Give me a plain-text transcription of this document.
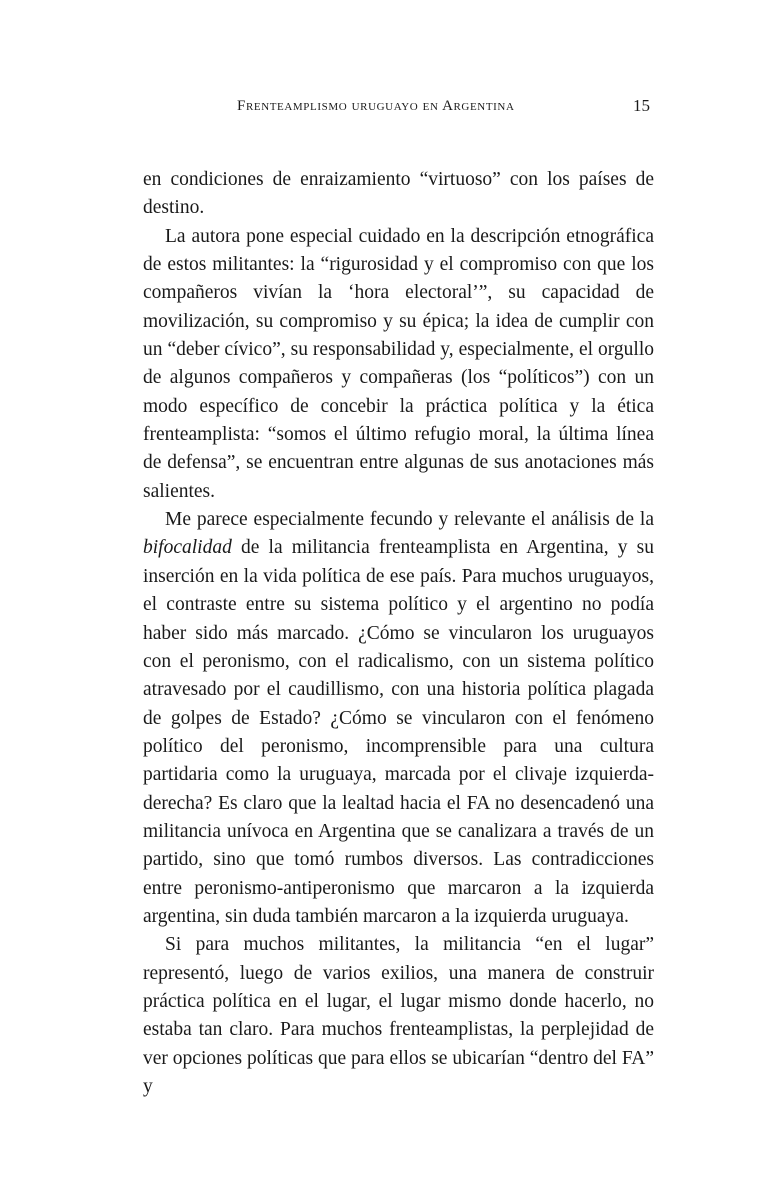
Frenteamplismo uruguayo en Argentina	15

en condiciones de enraizamiento “virtuoso” con los países de destino.

La autora pone especial cuidado en la descripción etnográfica de estos militantes: la “rigurosidad y el compromiso con que los compañeros vivían la ‘hora electoral’”, su capacidad de movilización, su compromiso y su épica; la idea de cumplir con un “deber cívico”, su responsabilidad y, especialmente, el orgullo de algunos compañeros y compañeras (los “políticos”) con un modo específico de concebir la práctica política y la ética frenteamplista: “somos el último refugio moral, la última línea de defensa”, se encuentran entre algunas de sus anotaciones más salientes.

Me parece especialmente fecundo y relevante el análisis de la bifocalidad de la militancia frenteamplista en Argentina, y su inserción en la vida política de ese país. Para muchos uruguayos, el contraste entre su sistema político y el argentino no podía haber sido más marcado. ¿Cómo se vincularon los uruguayos con el peronismo, con el radicalismo, con un sistema político atravesado por el caudillismo, con una historia política plagada de golpes de Estado? ¿Cómo se vincularon con el fenómeno político del peronismo, incomprensible para una cultura partidaria como la uruguaya, marcada por el clivaje izquierda-derecha? Es claro que la lealtad hacia el FA no desencadenó una militancia unívoca en Argentina que se canalizara a través de un partido, sino que tomó rumbos diversos. Las contradicciones entre peronismo-antiperonismo que marcaron a la izquierda argentina, sin duda también marcaron a la izquierda uruguaya.

Si para muchos militantes, la militancia “en el lugar” representó, luego de varios exilios, una manera de construir práctica política en el lugar, el lugar mismo donde hacerlo, no estaba tan claro. Para muchos frenteamplistas, la perplejidad de ver opciones políticas que para ellos se ubicarían “dentro del FA” y
